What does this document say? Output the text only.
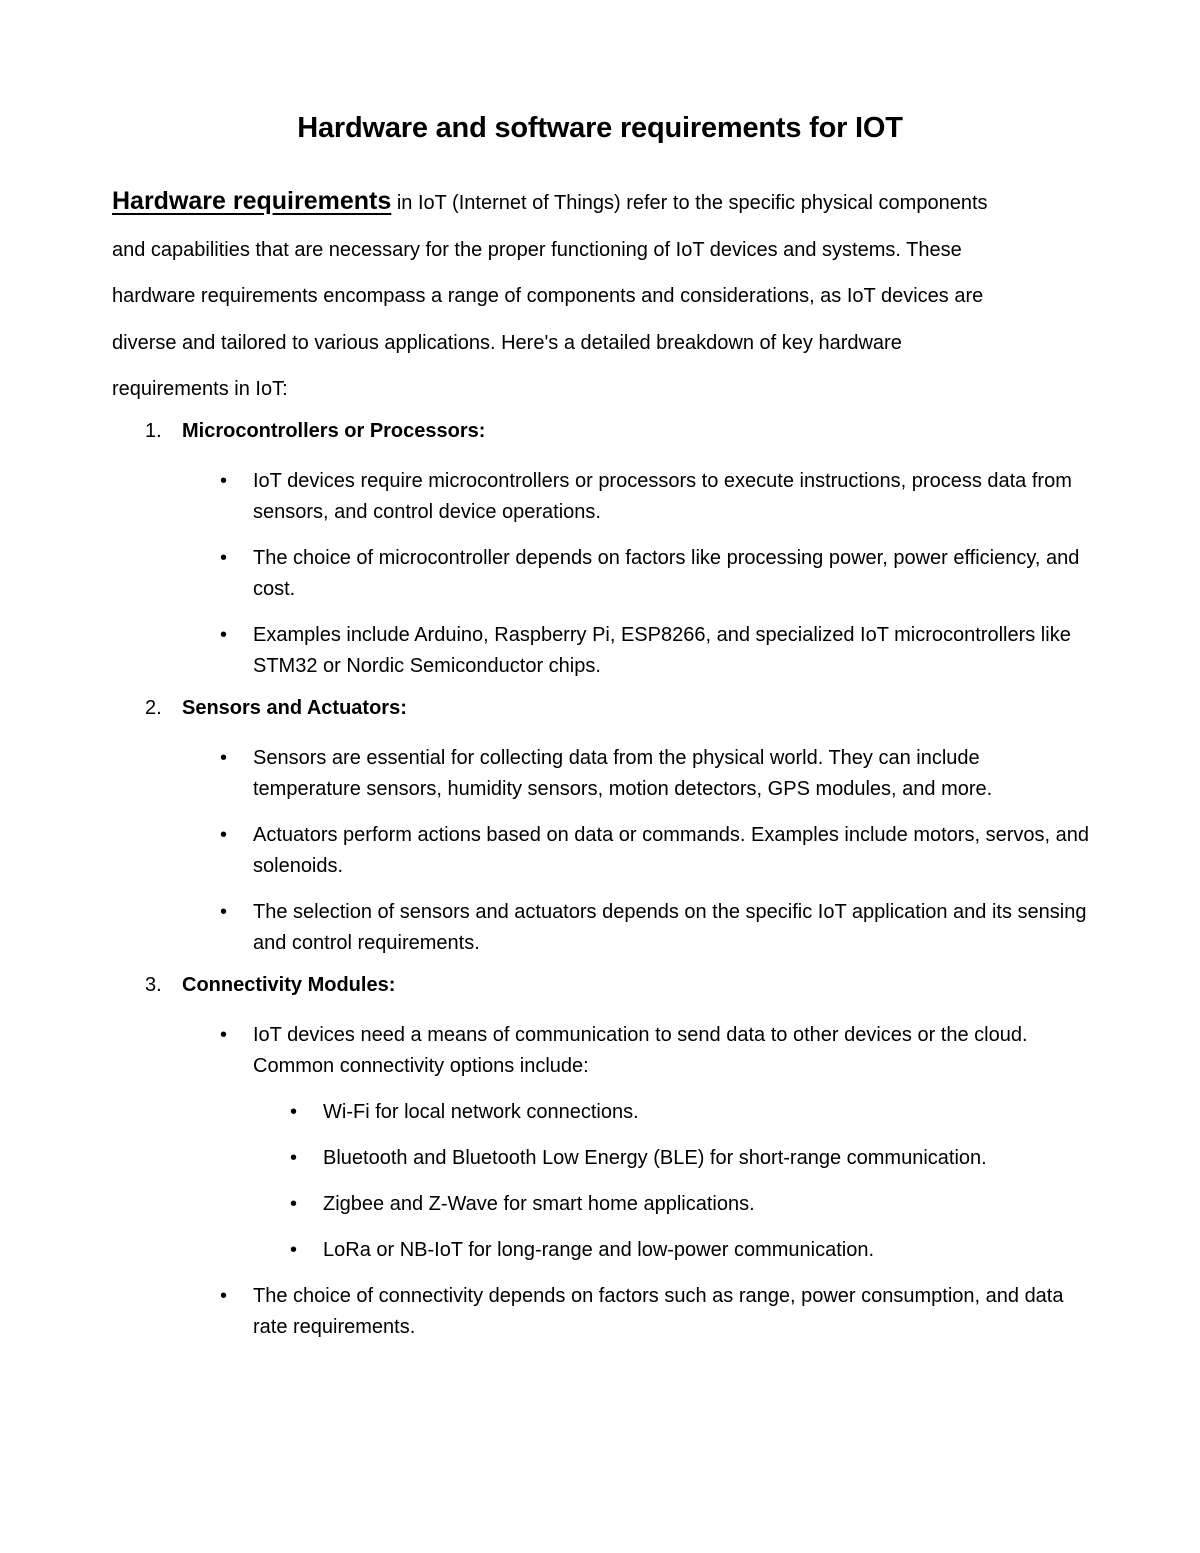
Hardware and software requirements for IOT
Hardware requirements in IoT (Internet of Things) refer to the specific physical components
and capabilities that are necessary for the proper functioning of IoT devices and systems. These
hardware requirements encompass a range of components and considerations, as IoT devices are
diverse and tailored to various applications. Here's a detailed breakdown of key hardware
requirements in IoT:
1.	Microcontrollers or Processors:
•	IoT devices require microcontrollers or processors to execute instructions, process data from sensors, and control device operations.
•	The choice of microcontroller depends on factors like processing power, power efficiency, and cost.
•	Examples include Arduino, Raspberry Pi, ESP8266, and specialized IoT microcontrollers like STM32 or Nordic Semiconductor chips.
2.	Sensors and Actuators:
•	Sensors are essential for collecting data from the physical world. They can include temperature sensors, humidity sensors, motion detectors, GPS modules, and more.
•	Actuators perform actions based on data or commands. Examples include motors, servos, and solenoids.
•	The selection of sensors and actuators depends on the specific IoT application and its sensing and control requirements.
3.	Connectivity Modules:
•	IoT devices need a means of communication to send data to other devices or the cloud. Common connectivity options include:
•	Wi-Fi for local network connections.
•	Bluetooth and Bluetooth Low Energy (BLE) for short-range communication.
•	Zigbee and Z-Wave for smart home applications.
•	LoRa or NB-IoT for long-range and low-power communication.
•	The choice of connectivity depends on factors such as range, power consumption, and data rate requirements.
